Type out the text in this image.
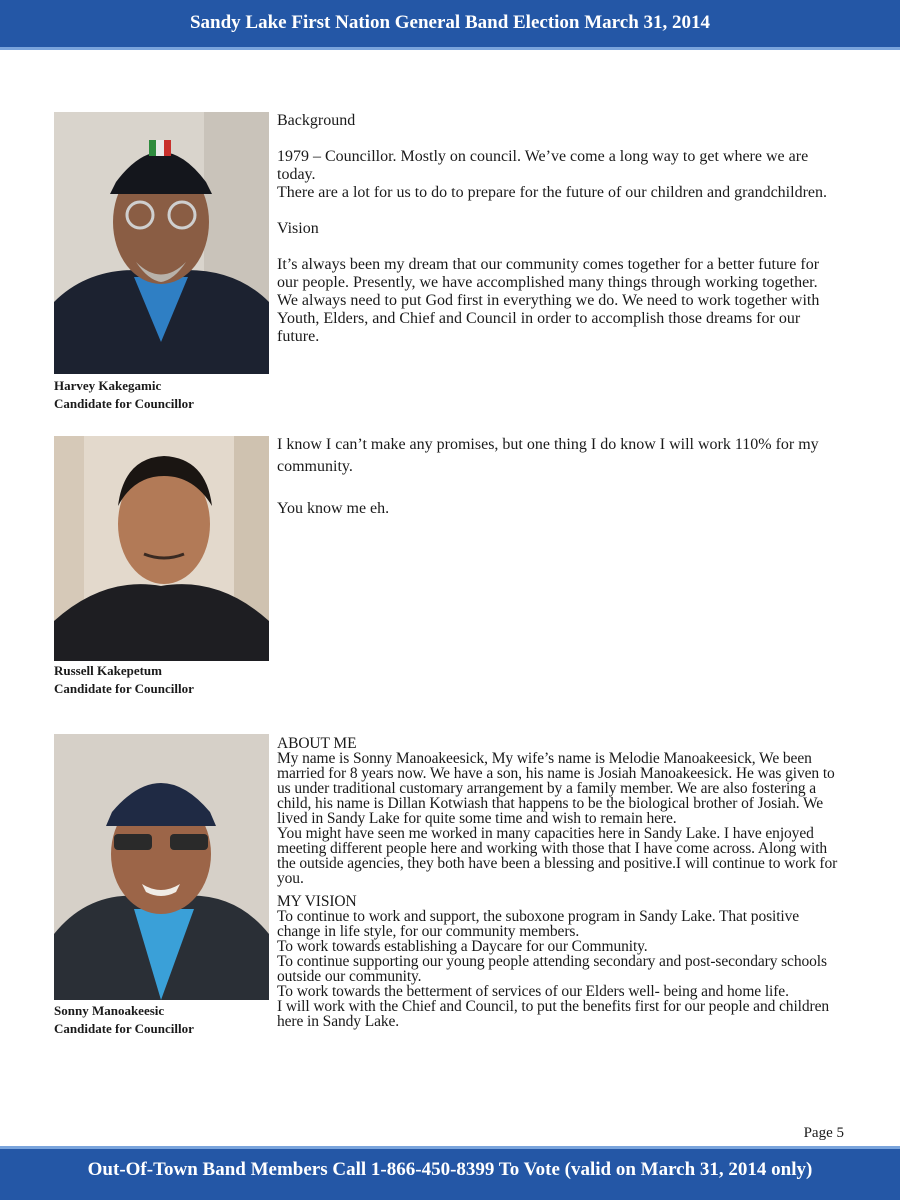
Sandy Lake First Nation General Band Election March 31, 2014
Harvey Kakegamic
Candidate for Councillor

Background

1979 – Councillor. Mostly on council. We’ve come a long way to get where we are today.

There are a lot for us to do to prepare for the future of our children and grandchildren.

Vision

It’s always been my dream that our community comes together for a better future for our people. Presently, we have accomplished many things through working together. We always need to put God first in everything we do. We need to work together with Youth, Elders, and Chief and Council in order to accomplish those dreams for our future.

Russell Kakepetum
Candidate for Councillor

I know I can’t make any promises, but one thing I do know I will work 110% for my community.

You know me eh.

Sonny Manoakeesic
Candidate for Councillor

ABOUT ME

My name is Sonny Manoakeesick, My wife’s name is Melodie Manoakeesick, We been married for 8 years now. We have a son, his name is Josiah Manoakeesick. He was given to us under traditional customary arrangement by a family member. We are also fostering a child, his name is Dillan Kotwiash that happens to be the biological brother of Josiah. We lived in Sandy Lake for quite some time and wish to remain here.

You might have seen me worked in many capacities here in Sandy Lake. I have enjoyed meeting different people here and working with those that I have come across. Along with the outside agencies, they both have been a blessing and positive.I will continue to work for you.

MY VISION

To continue to work and support, the suboxone program in Sandy Lake. That positive change in life style, for our community members.

To work towards establishing a Daycare for our Community.

To continue supporting our young people attending secondary and post-secondary schools outside our community.

To work towards the betterment of services of our Elders well- being and home life.

I will work with the Chief and Council, to put the benefits first for our people and children here in Sandy Lake.

Page 5
Out-Of-Town Band Members Call 1-866-450-8399 To Vote (valid on March 31, 2014 only)
